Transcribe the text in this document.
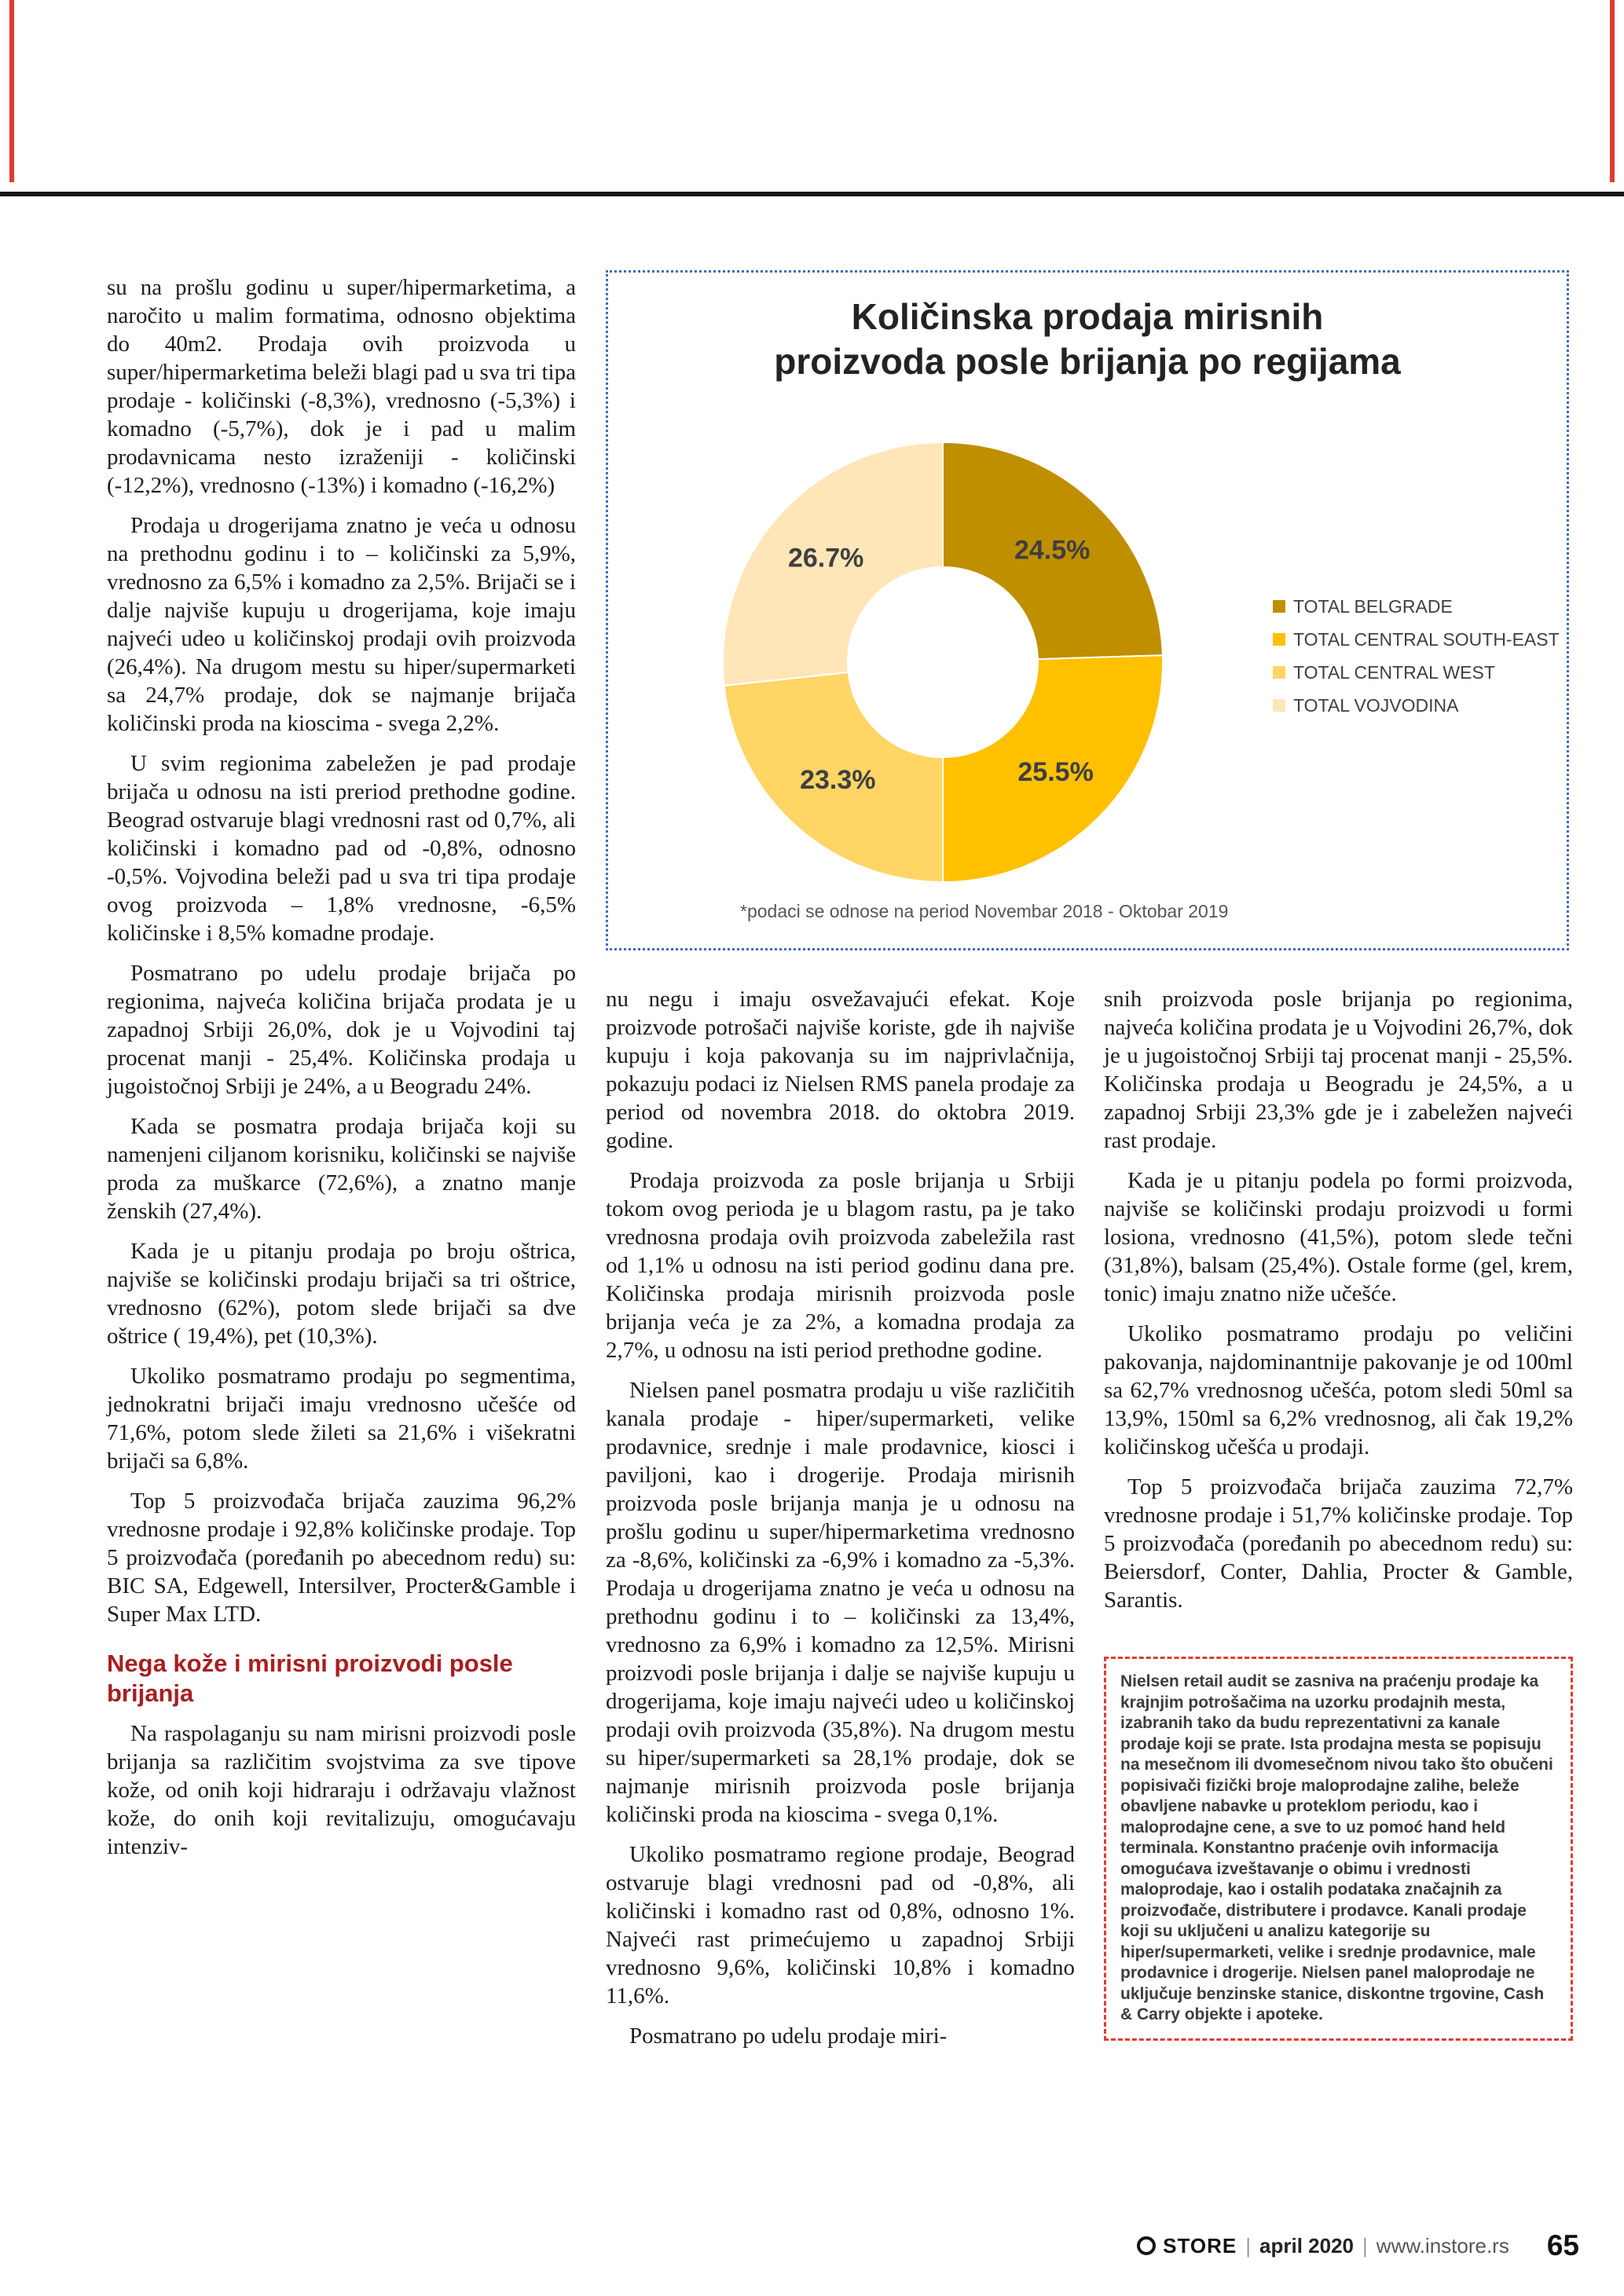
Količinska prodaja mirisnih
proizvoda posle brijanja po regijama
24.5%
25.5%
23.3%
26.7%
TOTAL BELGRADE
TOTAL CENTRAL SOUTH-EAST
TOTAL CENTRAL WEST
TOTAL VOJVODINA
*podaci se odnose na period Novembar 2018 - Oktobar 2019

su na prošlu godinu u super/hipermarketima, a naročito u malim formatima, odnosno objektima do 40m2. Prodaja ovih proizvoda u super/hipermarketima beleži blagi pad u sva tri tipa prodaje - količinski (-8,3%), vrednosno (-5,3%) i komadno (-5,7%), dok je i pad u malim prodavnicama nesto izraženiji - količinski (-12,2%), vrednosno (-13%) i komadno (-16,2%)

Prodaja u drogerijama znatno je veća u odnosu na prethodnu godinu i to – količinski za 5,9%, vrednosno za 6,5% i komadno za 2,5%. Brijači se i dalje najviše kupuju u drogerijama, koje imaju najveći udeo u količinskoj prodaji ovih proizvoda (26,4%). Na drugom mestu su hiper/supermarketi sa 24,7% prodaje, dok se najmanje brijača količinski proda na kioscima - svega 2,2%.

U svim regionima zabeležen je pad prodaje brijača u odnosu na isti preriod prethodne godine. Beograd ostvaruje blagi vrednosni rast od 0,7%, ali količinski i komadno pad od -0,8%, odnosno -0,5%. Vojvodina beleži pad u sva tri tipa prodaje ovog proizvoda – 1,8% vrednosne, -6,5% količinske i 8,5% komadne prodaje.

Posmatrano po udelu prodaje brijača po regionima, najveća količina brijača prodata je u zapadnoj Srbiji 26,0%, dok je u Vojvodini taj procenat manji - 25,4%. Količinska prodaja u jugoistočnoj Srbiji je 24%, a u Beogradu 24%.

Kada se posmatra prodaja brijača koji su namenjeni ciljanom korisniku, količinski se najviše proda za muškarce (72,6%), a znatno manje ženskih (27,4%).

Kada je u pitanju prodaja po broju oštrica, najviše se količinski prodaju brijači sa tri oštrice, vrednosno (62%), potom slede brijači sa dve oštrice ( 19,4%), pet (10,3%).

Ukoliko posmatramo prodaju po segmentima, jednokratni brijači imaju vrednosno učešće od 71,6%, potom slede žileti sa 21,6% i višekratni brijači sa 6,8%.

Top 5 proizvođača brijača zauzima 96,2% vrednosne prodaje i 92,8% količinske prodaje. Top 5 proizvođača (poređanih po abecednom redu) su: BIC SA, Edgewell, Intersilver, Procter&Gamble i Super Max LTD.

Nega kože i mirisni proizvodi posle brijanja

Na raspolaganju su nam mirisni proizvodi posle brijanja sa različitim svojstvima za sve tipove kože, od onih koji hidraraju i održavaju vlažnost kože, do onih koji revitalizuju, omogućavaju intenziv-

nu negu i imaju osvežavajući efekat. Koje proizvode potrošači najviše koriste, gde ih najviše kupuju i koja pakovanja su im najprivlačnija, pokazuju podaci iz Nielsen RMS panela prodaje za period od novembra 2018. do oktobra 2019. godine.

Prodaja proizvoda za posle brijanja u Srbiji tokom ovog perioda je u blagom rastu, pa je tako vrednosna prodaja ovih proizvoda zabeležila rast od 1,1% u odnosu na isti period godinu dana pre. Količinska prodaja mirisnih proizvoda posle brijanja veća je za 2%, a komadna prodaja za 2,7%, u odnosu na isti period prethodne godine.

Nielsen panel posmatra prodaju u više različitih kanala prodaje - hiper/supermarketi, velike prodavnice, srednje i male prodavnice, kiosci i paviljoni, kao i drogerije. Prodaja mirisnih proizvoda posle brijanja manja je u odnosu na prošlu godinu u super/hipermarketima vrednosno za -8,6%, količinski za -6,9% i komadno za -5,3%. Prodaja u drogerijama znatno je veća u odnosu na prethodnu godinu i to – količinski za 13,4%, vrednosno za 6,9% i komadno za 12,5%. Mirisni proizvodi posle brijanja i dalje se najviše kupuju u drogerijama, koje imaju najveći udeo u količinskoj prodaji ovih proizvoda (35,8%). Na drugom mestu su hiper/supermarketi sa 28,1% prodaje, dok se najmanje mirisnih proizvoda posle brijanja količinski proda na kioscima - svega 0,1%.

Ukoliko posmatramo regione prodaje, Beograd ostvaruje blagi vrednosni pad od -0,8%, ali količinski i komadno rast od 0,8%, odnosno 1%. Najveći rast primećujemo u zapadnoj Srbiji vrednosno 9,6%, količinski 10,8% i komadno 11,6%.

Posmatrano po udelu prodaje miri-

snih proizvoda posle brijanja po regionima, najveća količina prodata je u Vojvodini 26,7%, dok je u jugoistočnoj Srbiji taj procenat manji - 25,5%. Količinska prodaja u Beogradu je 24,5%, a u zapadnoj Srbiji 23,3% gde je i zabeležen najveći rast prodaje.

Kada je u pitanju podela po formi proizvoda, najviše se količinski prodaju proizvodi u formi losiona, vrednosno (41,5%), potom slede tečni (31,8%), balsam (25,4%). Ostale forme (gel, krem, tonic) imaju znatno niže učešće.

Ukoliko posmatramo prodaju po veličini pakovanja, najdominantnije pakovanje je od 100ml sa 62,7% vrednosnog učešća, potom sledi 50ml sa 13,9%, 150ml sa 6,2% vrednosnog, ali čak 19,2% količinskog učešća u prodaji.

Top 5 proizvođača brijača zauzima 72,7% vrednosne prodaje i 51,7% količinske prodaje. Top 5 proizvođača (poređanih po abecednom redu) su: Beiersdorf, Conter, Dahlia, Procter & Gamble, Sarantis.

Nielsen retail audit se zasniva na praćenju prodaje ka krajnjim potrošačima na uzorku prodajnih mesta, izabranih tako da budu reprezentativni za kanale prodaje koji se prate. Ista prodajna mesta se popisuju na mesečnom ili dvomesečnom nivou tako što obučeni popisivači fizički broje maloprodajne zalihe, beleže obavljene nabavke u proteklom periodu, kao i maloprodajne cene, a sve to uz pomoć hand held terminala. Konstantno praćenje ovih informacija omogućava izveštavanje o obimu i vrednosti maloprodaje, kao i ostalih podataka značajnih za proizvođače, distributere i prodavce. Kanali prodaje koji su uključeni u analizu kategorije su hiper/supermarketi, velike i srednje prodavnice, male prodavnice i drogerije. Nielsen panel maloprodaje ne uključuje benzinske stanice, diskontne trgovine, Cash & Carry objekte i apoteke.
STORE | april 2020 | www.instore.rs 65
